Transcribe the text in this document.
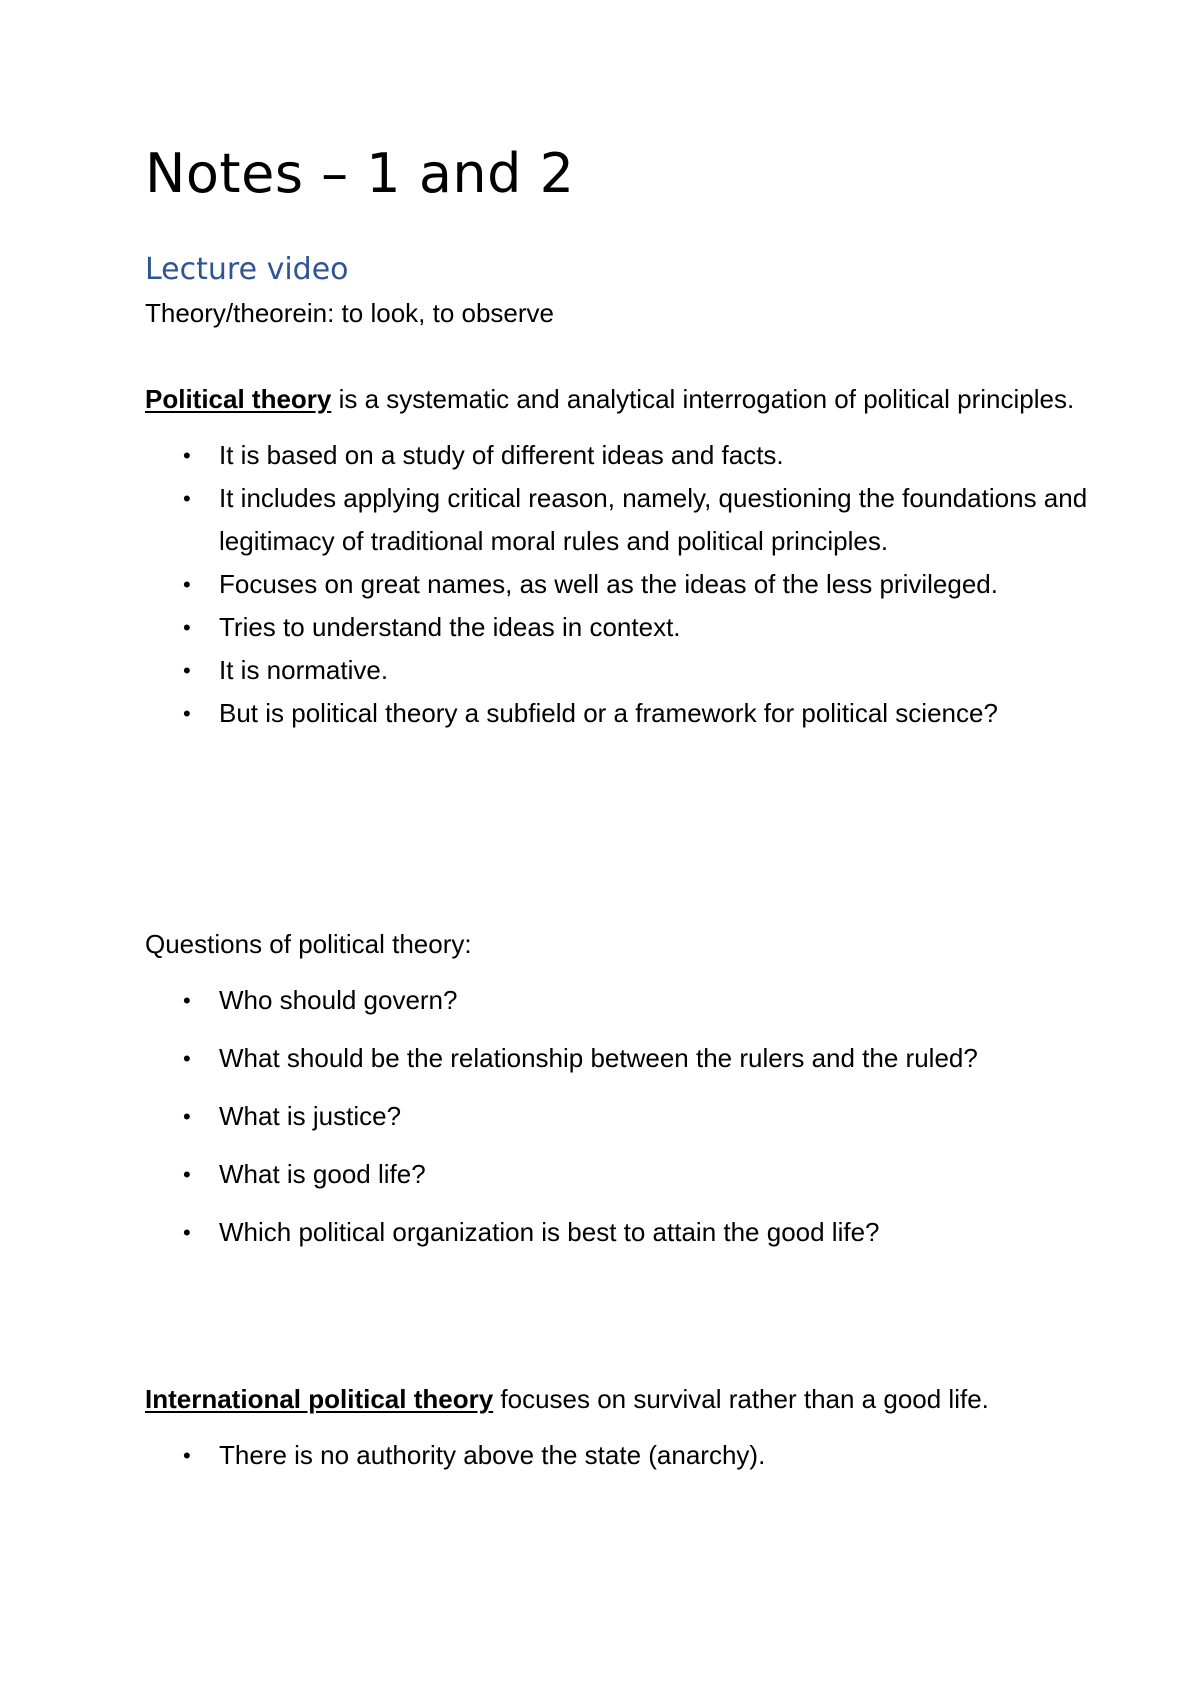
Notes – 1 and 2
Lecture video

Theory/theorein: to look, to observe

Political theory is a systematic and analytical interrogation of political principles.

• It is based on a study of different ideas and facts.
• It includes applying critical reason, namely, questioning the foundations and legitimacy of traditional moral rules and political principles.
• Focuses on great names, as well as the ideas of the less privileged.
• Tries to understand the ideas in context.
• It is normative.
• But is political theory a subfield or a framework for political science?

Questions of political theory:

• Who should govern?
• What should be the relationship between the rulers and the ruled?
• What is justice?
• What is good life?
• Which political organization is best to attain the good life?

International political theory focuses on survival rather than a good life.

• There is no authority above the state (anarchy).
